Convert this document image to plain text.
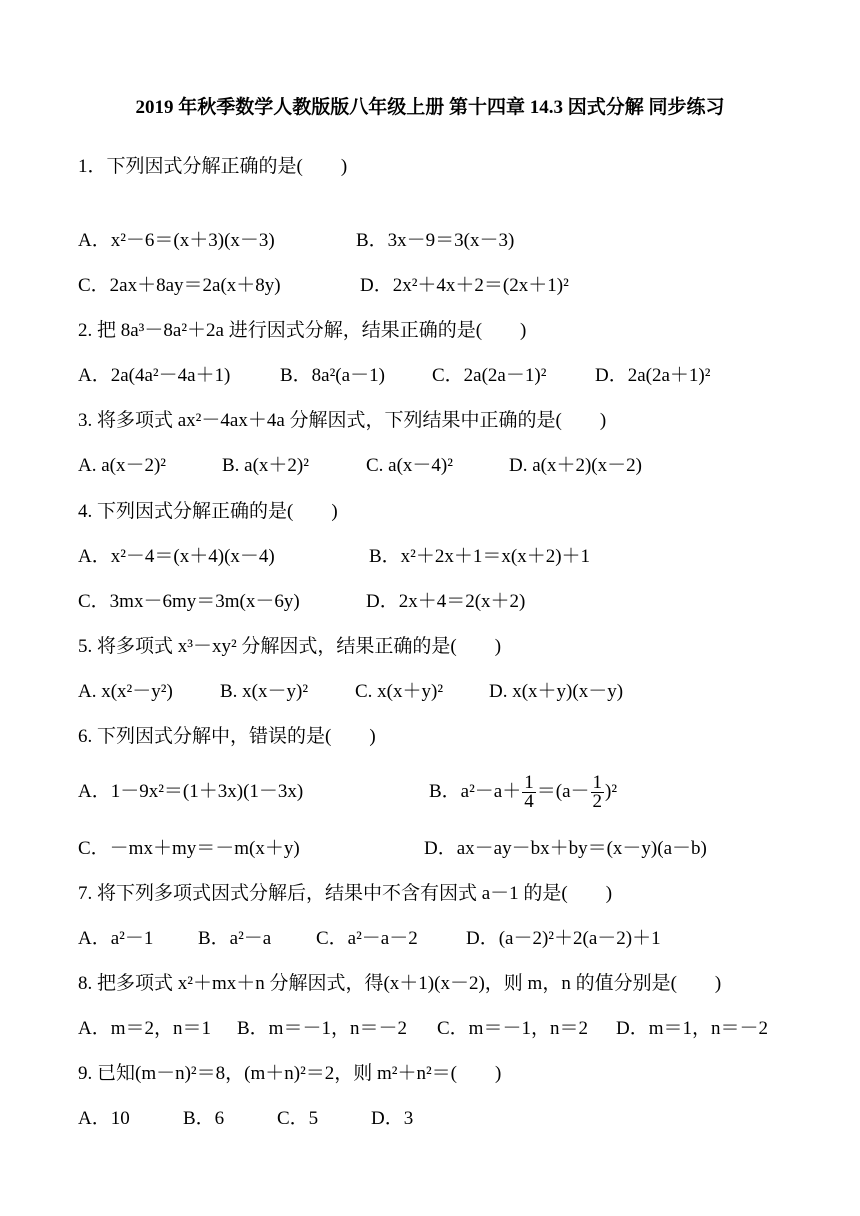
2019 年秋季数学人教版版八年级上册 第十四章 14.3 因式分解 同步练习
1．下列因式分解正确的是(　　)
A．x²－6＝(x＋3)(x－3)	B．3x－9＝3(x－3)
C．2ax＋8ay＝2a(x＋8y)	D．2x²＋4x＋2＝(2x＋1)²
2. 把 8a³－8a²＋2a 进行因式分解，结果正确的是(　　)
A．2a(4a²－4a＋1)	B．8a²(a－1) C．2a(2a－1)²	D．2a(2a＋1)²
3. 将多项式 ax²－4ax＋4a 分解因式，下列结果中正确的是(　　)
A. a(x－2)²	B. a(x＋2)²	C. a(x－4)²	D. a(x＋2)(x－2)
4. 下列因式分解正确的是(　　)
A．x²－4＝(x＋4)(x－4)	B．x²＋2x＋1＝x(x＋2)＋1
C．3mx－6my＝3m(x－6y)	D．2x＋4＝2(x＋2)
5. 将多项式 x³－xy² 分解因式，结果正确的是(　　)
A. x(x²－y²) B. x(x－y)² C. x(x＋y)² D. x(x＋y)(x－y)
6. 下列因式分解中，错误的是(　　)
A．1－9x²＝(1＋3x)(1－3x)	B．$a^2-a+ \frac{1}{4} =(a- \frac{1}{2} )^2$
C．－mx＋my＝－m(x＋y)	D．ax－ay－bx＋by＝(x－y)(a－b)
7. 将下列多项式因式分解后，结果中不含有因式 a－1 的是(　　)
A．a²－1 B．a²－a C．a²－a－2	D．(a－2)²＋2(a－2)＋1
8. 把多项式 x²＋mx＋n 分解因式，得(x＋1)(x－2)，则 m，n 的值分别是(　　)
A．m＝2，n＝1 B．m＝－1，n＝－2 C．m＝－1，n＝2 D．m＝1，n＝－2
9. 已知(m－n)²＝8，(m＋n)²＝2，则 m²＋n²＝(　　)
A．10	B．6	C．5	D．3
